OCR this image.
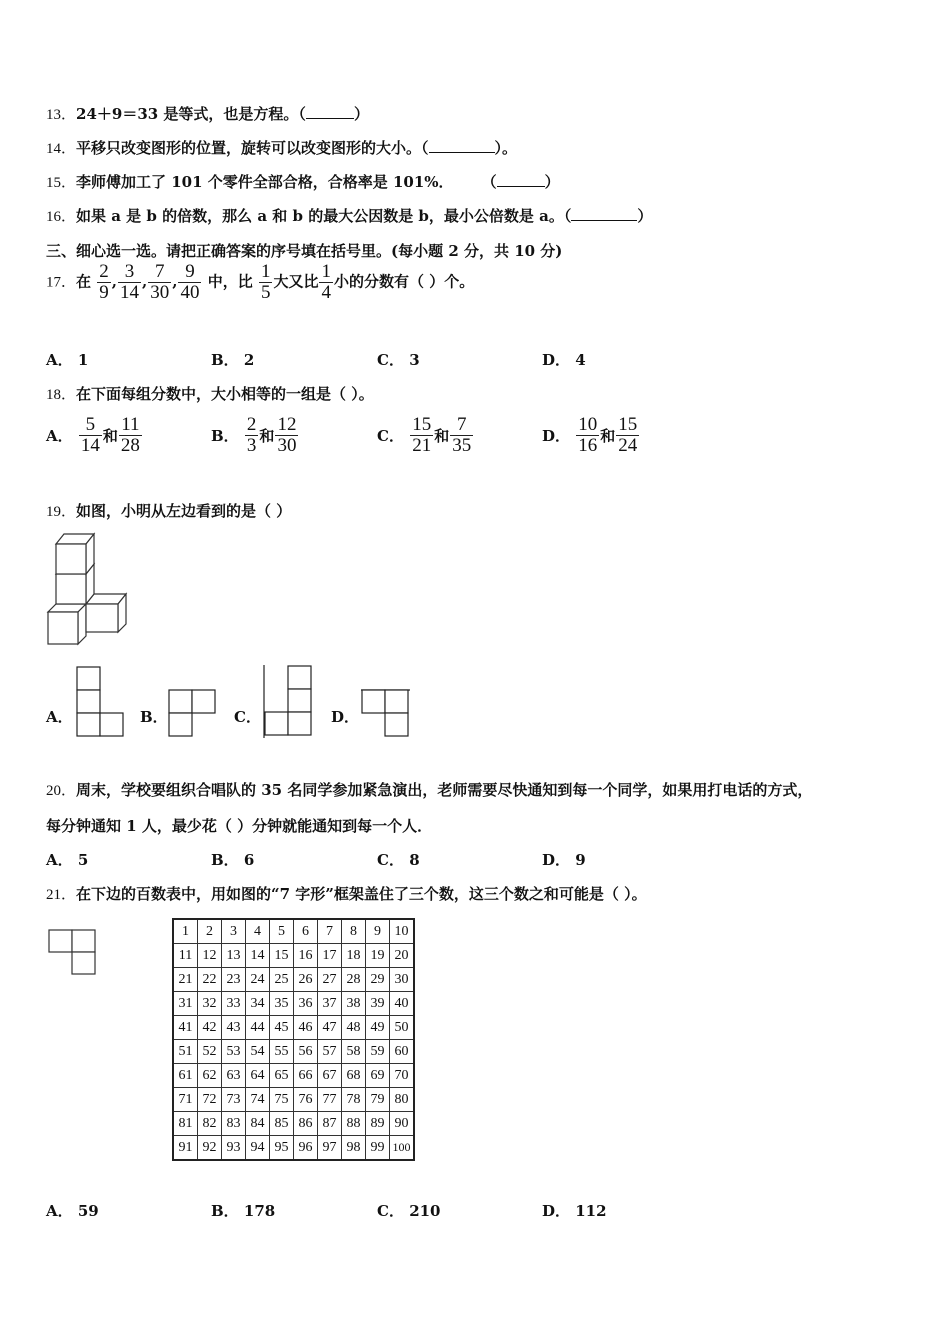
13．24＋9＝33 是等式，也是方程。（	）
14．平移只改变图形的位置，旋转可以改变图形的大小。（	）。
15．李师傅加工了 101 个零件全部合格，合格率是 101%． （	）
16．如果 a 是 b 的倍数，那么 a 和 b 的最大公因数是 b，最小公倍数是 a。（	）
三、细心选一选。请把正确答案的序号填在括号里。(每小题 2 分，共 10 分)
17．在 $\frac{2}{9}$ , $\frac{3}{14}$ , $\frac{7}{30}$ , $\frac{9}{40}$ 中，比 $\frac{1}{5}$ 大又比 $\frac{1}{4}$ 小的分数有（ ）个。
A． 1	B． 2	C． 3	D． 4
18．在下面每组分数中，大小相等的一组是（ ）。
A． $\frac{5}{14}$ 和 $\frac{11}{28}$	B． $\frac{2}{3}$ 和 $\frac{12}{30}$	C． $\frac{15}{21}$ 和 $\frac{7}{35}$	D． $\frac{10}{16}$ 和 $\frac{15}{24}$
19．如图，小明从左边看到的是（ ）
A．	B．	C．	D．
20．周末，学校要组织合唱队的 35 名同学参加紧急演出，老师需要尽快通知到每一个同学，如果用打电话的方式，
每分钟通知 1 人，最少花（ ）分钟就能通知到每一个人．
A． 5	B． 6	C． 8	D． 9
21．在下边的百数表中，用如图的“7 字形”框架盖住了三个数，这三个数之和可能是（ ）。
1	2	3	4	5	6	7	8	9	10
11	12	13	14	15	16	17	18	19	20
21	22	23	24	25	26	27	28	29	30
31	32	33	34	35	36	37	38	39	40
41	42	43	44	45	46	47	48	49	50
51	52	53	54	55	56	57	58	59	60
61	62	63	64	65	66	67	68	69	70
71	72	73	74	75	76	77	78	79	80
81	82	83	84	85	86	87	88	89	90
91	92	93	94	95	96	97	98	99	100
A． 59	B． 178	C． 210	D． 112
